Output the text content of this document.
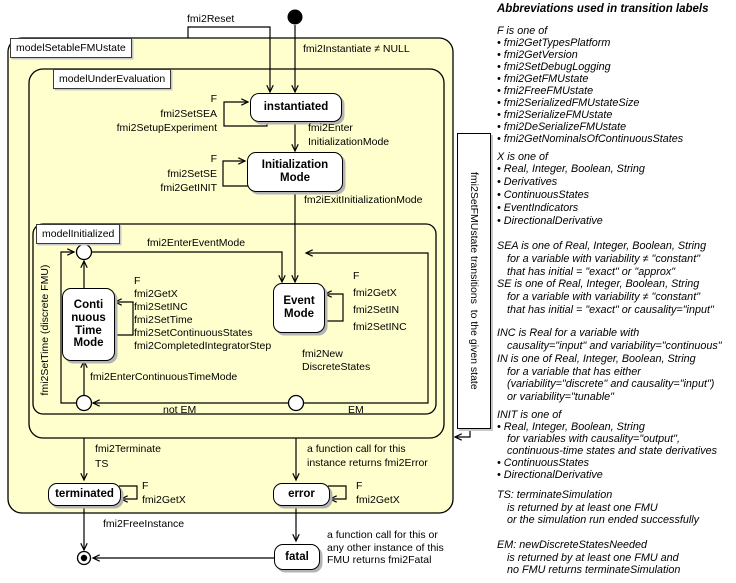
modelSetableFMUstate
modelUnderEvaluation
modelInitialized
instantiated
Initialization Mode
Event Mode
Conti nuous Time Mode
terminated	error
fatal
fmi2Reset
fmi2Instantiate ≠ NULL
F
fmi2SetSEA
fmi2SetupExperiment	fmi2Enter
InitializationMode
F
fmi2SetSE
fmi2GetINIT
fm2iExitInitializationMode
fmi2EnterEventMode
F
fmi2GetX
fmi2SetINC
fmi2SetTime
fmi2SetContinuousStates
fmi2CompletedIntegratorStep
fmi2SetTime (discrete FMU)	fmi2EnterContinuousTimeMode
F
fmi2GetX
fmi2SetIN
fmi2SetINC
fmi2New
DiscreteStates
not EM	EM
fmi2SetFMUstate transitions  to the given state
fmi2Terminate
TS
a function call for this
instance returns fmi2Error
F
fmi2GetX
F
fmi2GetX
fmi2FreeInstance
a function call for this or
any other instance of this
FMU returns fmi2Fatal
Abbreviations used in transition labels
F is one of
• fmi2GetTypesPlatform
• fmi2GetVersion
• fmi2SetDebugLogging
• fmi2GetFMUstate
• fmi2FreeFMUstate
• fmi2SerializedFMUstateSize
• fmi2SerializeFMUstate
• fmi2DeSerializeFMUstate
• fmi2GetNominalsOfContinuousStates
X is one of
• Real, Integer, Boolean, String
• Derivatives
• ContinuousStates
• EventIndicators
• DirectionalDerivative
SEA is one of Real, Integer, Boolean, String
for a variable with variability ≠ "constant"
that has initial = "exact" or "approx"
SE is one of Real, Integer, Boolean, String
for a variable with variability ≠ "constant"
that has initial = "exact" or causality="input"
INC is Real for a variable with
causality="input" and variability="continuous"
IN is one of Real, Integer, Boolean, String
for a variable that has either
(variability="discrete" and causality="input")
or variability="tunable"
INIT is one of
• Real, Integer, Boolean, String
for variables with causality="output",
continuous-time states and state derivatives
• ContinuousStates
• DirectionalDerivative
TS: terminateSimulation
is returned by at least one FMU
or the simulation run ended successfully
EM: newDiscreteStatesNeeded
is returned by at least one FMU and
no FMU returns terminateSimulation
